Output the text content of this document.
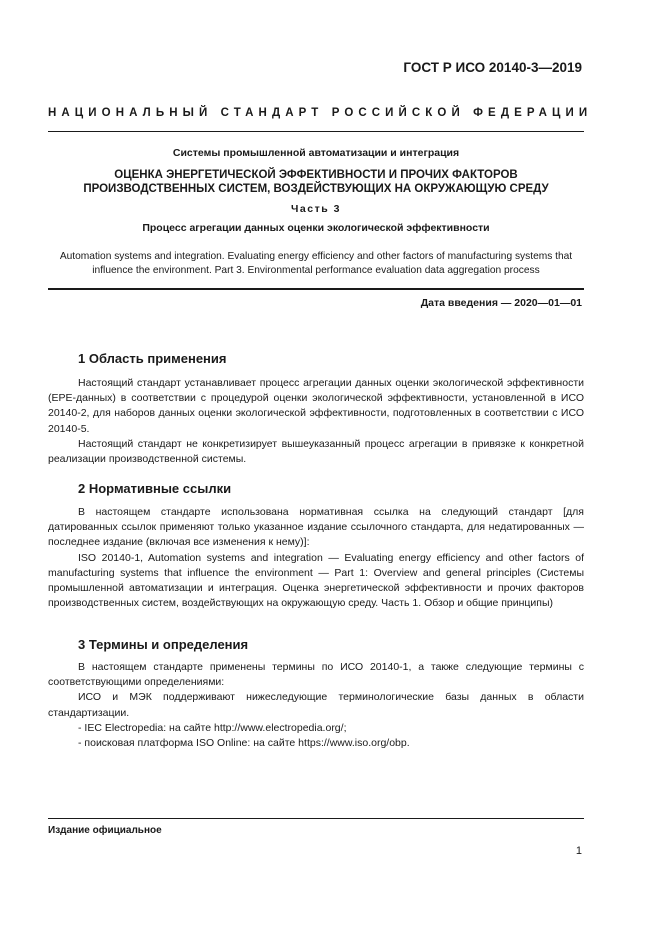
ГОСТ Р ИСО 20140-3—2019
НАЦИОНАЛЬНЫЙ СТАНДАРТ РОССИЙСКОЙ ФЕДЕРАЦИИ
Системы промышленной автоматизации и интеграция
ОЦЕНКА ЭНЕРГЕТИЧЕСКОЙ ЭФФЕКТИВНОСТИ И ПРОЧИХ ФАКТОРОВ
ПРОИЗВОДСТВЕННЫХ СИСТЕМ, ВОЗДЕЙСТВУЮЩИХ НА ОКРУЖАЮЩУЮ СРЕДУ
Часть 3
Процесс агрегации данных оценки экологической эффективности
Automation systems and integration. Evaluating energy efficiency and other factors of manufacturing systems that
influence the environment. Part 3. Environmental performance evaluation data aggregation process
Дата введения — 2020—01—01
1 Область применения

Настоящий стандарт устанавливает процесс агрегации данных оценки экологической эффективности (ЕРЕ-данных) в соответствии с процедурой оценки экологической эффективности, установленной в ИСО 20140-2, для наборов данных оценки экологической эффективности, подготовленных в соответствии с ИСО 20140-5.

Настоящий стандарт не конкретизирует вышеуказанный процесс агрегации в привязке к конкретной реализации производственной системы.

2 Нормативные ссылки

В настоящем стандарте использована нормативная ссылка на следующий стандарт [для датированных ссылок применяют только указанное издание ссылочного стандарта, для недатированных — последнее издание (включая все изменения к нему)]:

ISO 20140-1, Automation systems and integration — Evaluating energy efficiency and other factors of manufacturing systems that influence the environment — Part 1: Overview and general principles (Системы промышленной автоматизации и интеграция. Оценка энергетической эффективности и прочих факторов производственных систем, воздействующих на окружающую среду. Часть 1. Обзор и общие принципы)

3 Термины и определения

В настоящем стандарте применены термины по ИСО 20140-1, а также следующие термины с соответствующими определениями:

ИСО и МЭК поддерживают нижеследующие терминологические базы данных в области стандартизации.

- IEC Electropedia: на сайте http://www.electropedia.org/;

- поисковая платформа ISO Online: на сайте https://www.iso.org/obp.

Издание официальное
1
